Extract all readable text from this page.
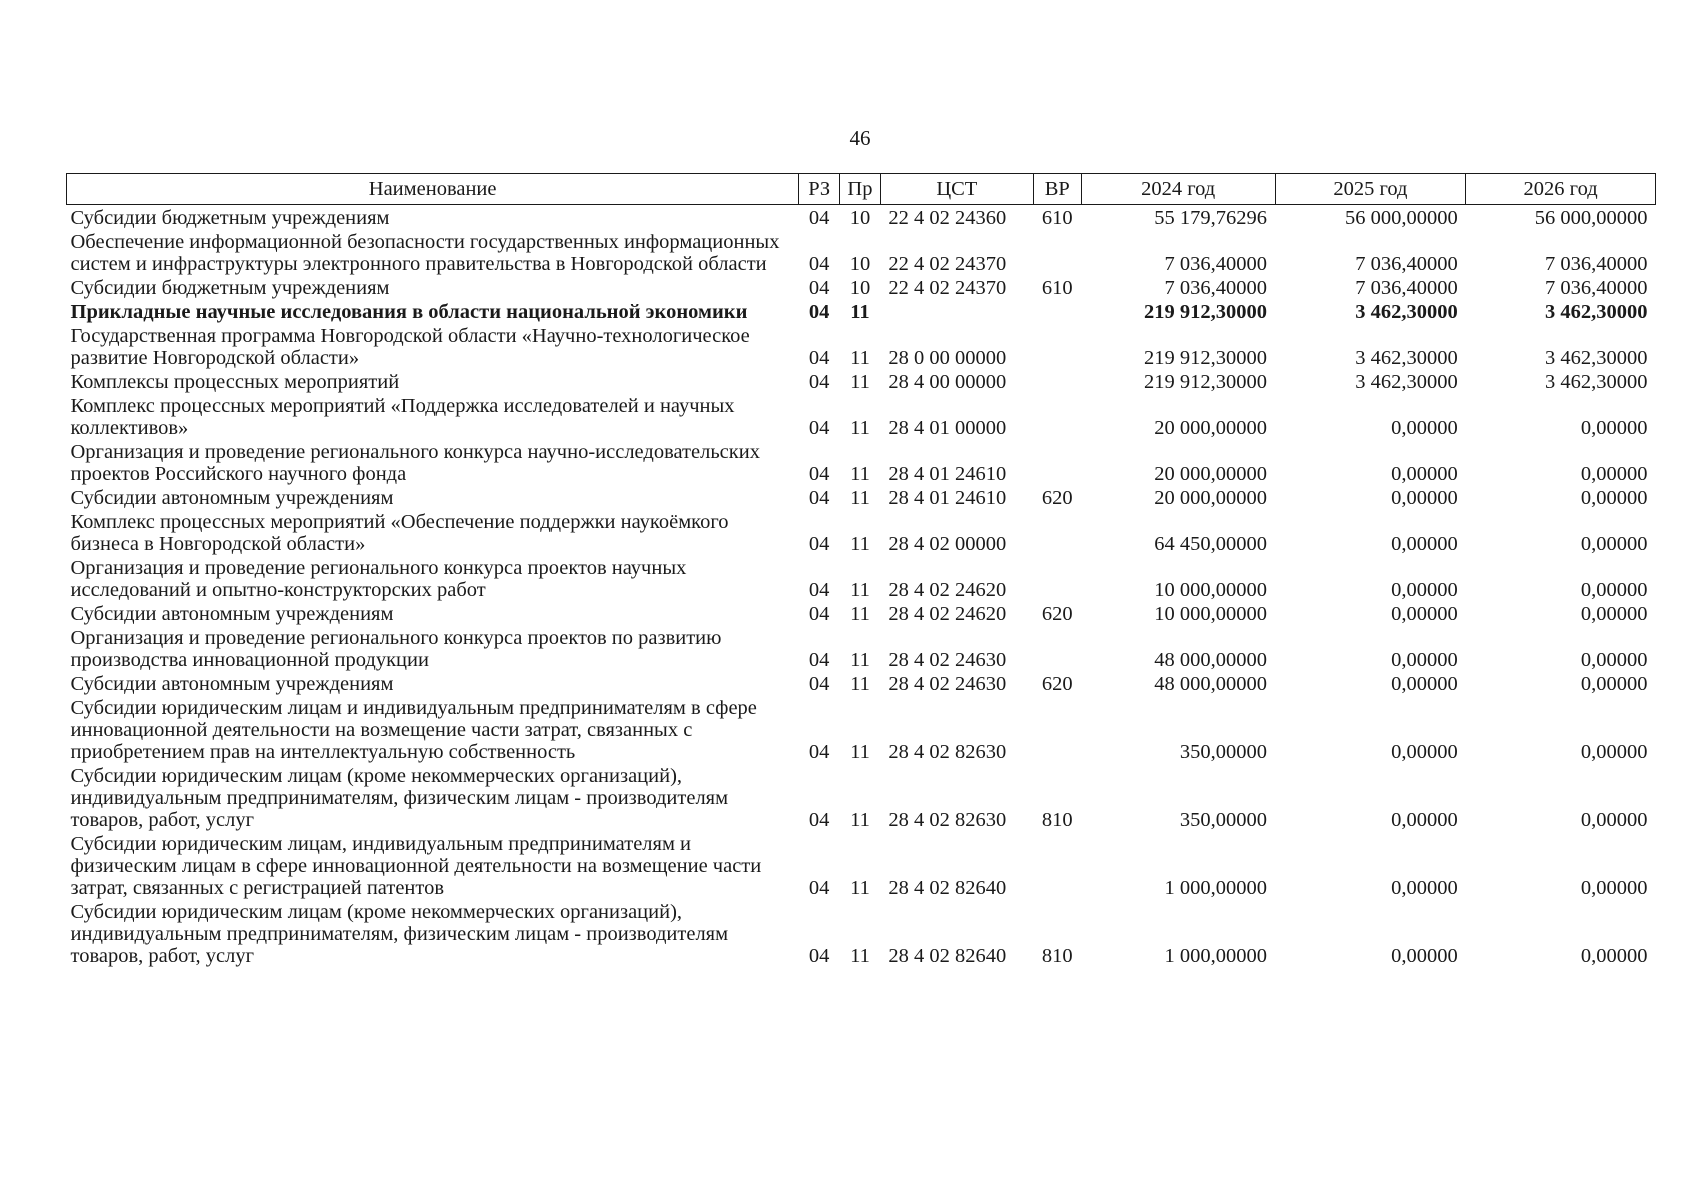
46
Наименование	РЗ	Пр	ЦСТ	ВР	2024 год	2025 год	2026 год
Субсидии бюджетным учреждениям	04	10	22 4 02 24360	610	55 179,76296	56 000,00000	56 000,00000
Обеспечение информационной безопасности государственных информационных систем и инфраструктуры электронного правительства в Новгородской области	04	10	22 4 02 24370		7 036,40000	7 036,40000	7 036,40000
Субсидии бюджетным учреждениям	04	10	22 4 02 24370	610	7 036,40000	7 036,40000	7 036,40000
Прикладные научные исследования в области национальной экономики	04	11			219 912,30000	3 462,30000	3 462,30000
Государственная программа Новгородской области «Научно-технологическое развитие Новгородской области»	04	11	28 0 00 00000		219 912,30000	3 462,30000	3 462,30000
Комплексы процессных мероприятий	04	11	28 4 00 00000		219 912,30000	3 462,30000	3 462,30000
Комплекс процессных мероприятий «Поддержка исследователей и научных коллективов»	04	11	28 4 01 00000		20 000,00000	0,00000	0,00000
Организация и проведение регионального конкурса научно-исследовательских проектов Российского научного фонда	04	11	28 4 01 24610		20 000,00000	0,00000	0,00000
Субсидии автономным учреждениям	04	11	28 4 01 24610	620	20 000,00000	0,00000	0,00000
Комплекс процессных мероприятий «Обеспечение поддержки наукоёмкого бизнеса в Новгородской области»	04	11	28 4 02 00000		64 450,00000	0,00000	0,00000
Организация и проведение регионального конкурса проектов научных исследований и опытно-конструкторских работ	04	11	28 4 02 24620		10 000,00000	0,00000	0,00000
Субсидии автономным учреждениям	04	11	28 4 02 24620	620	10 000,00000	0,00000	0,00000
Организация и проведение регионального конкурса проектов по развитию производства инновационной продукции	04	11	28 4 02 24630		48 000,00000	0,00000	0,00000
Субсидии автономным учреждениям	04	11	28 4 02 24630	620	48 000,00000	0,00000	0,00000
Субсидии юридическим лицам и индивидуальным предпринимателям в сфере инновационной деятельности на возмещение части затрат, связанных с приобретением прав на интеллектуальную собственность	04	11	28 4 02 82630		350,00000	0,00000	0,00000
Субсидии юридическим лицам (кроме некоммерческих организаций), индивидуальным предпринимателям, физическим лицам - производителям товаров, работ, услуг	04	11	28 4 02 82630	810	350,00000	0,00000	0,00000
Субсидии юридическим лицам, индивидуальным предпринимателям и физическим лицам в сфере инновационной деятельности на возмещение части затрат, связанных с регистрацией патентов	04	11	28 4 02 82640		1 000,00000	0,00000	0,00000
Субсидии юридическим лицам (кроме некоммерческих организаций), индивидуальным предпринимателям, физическим лицам - производителям товаров, работ, услуг	04	11	28 4 02 82640	810	1 000,00000	0,00000	0,00000
